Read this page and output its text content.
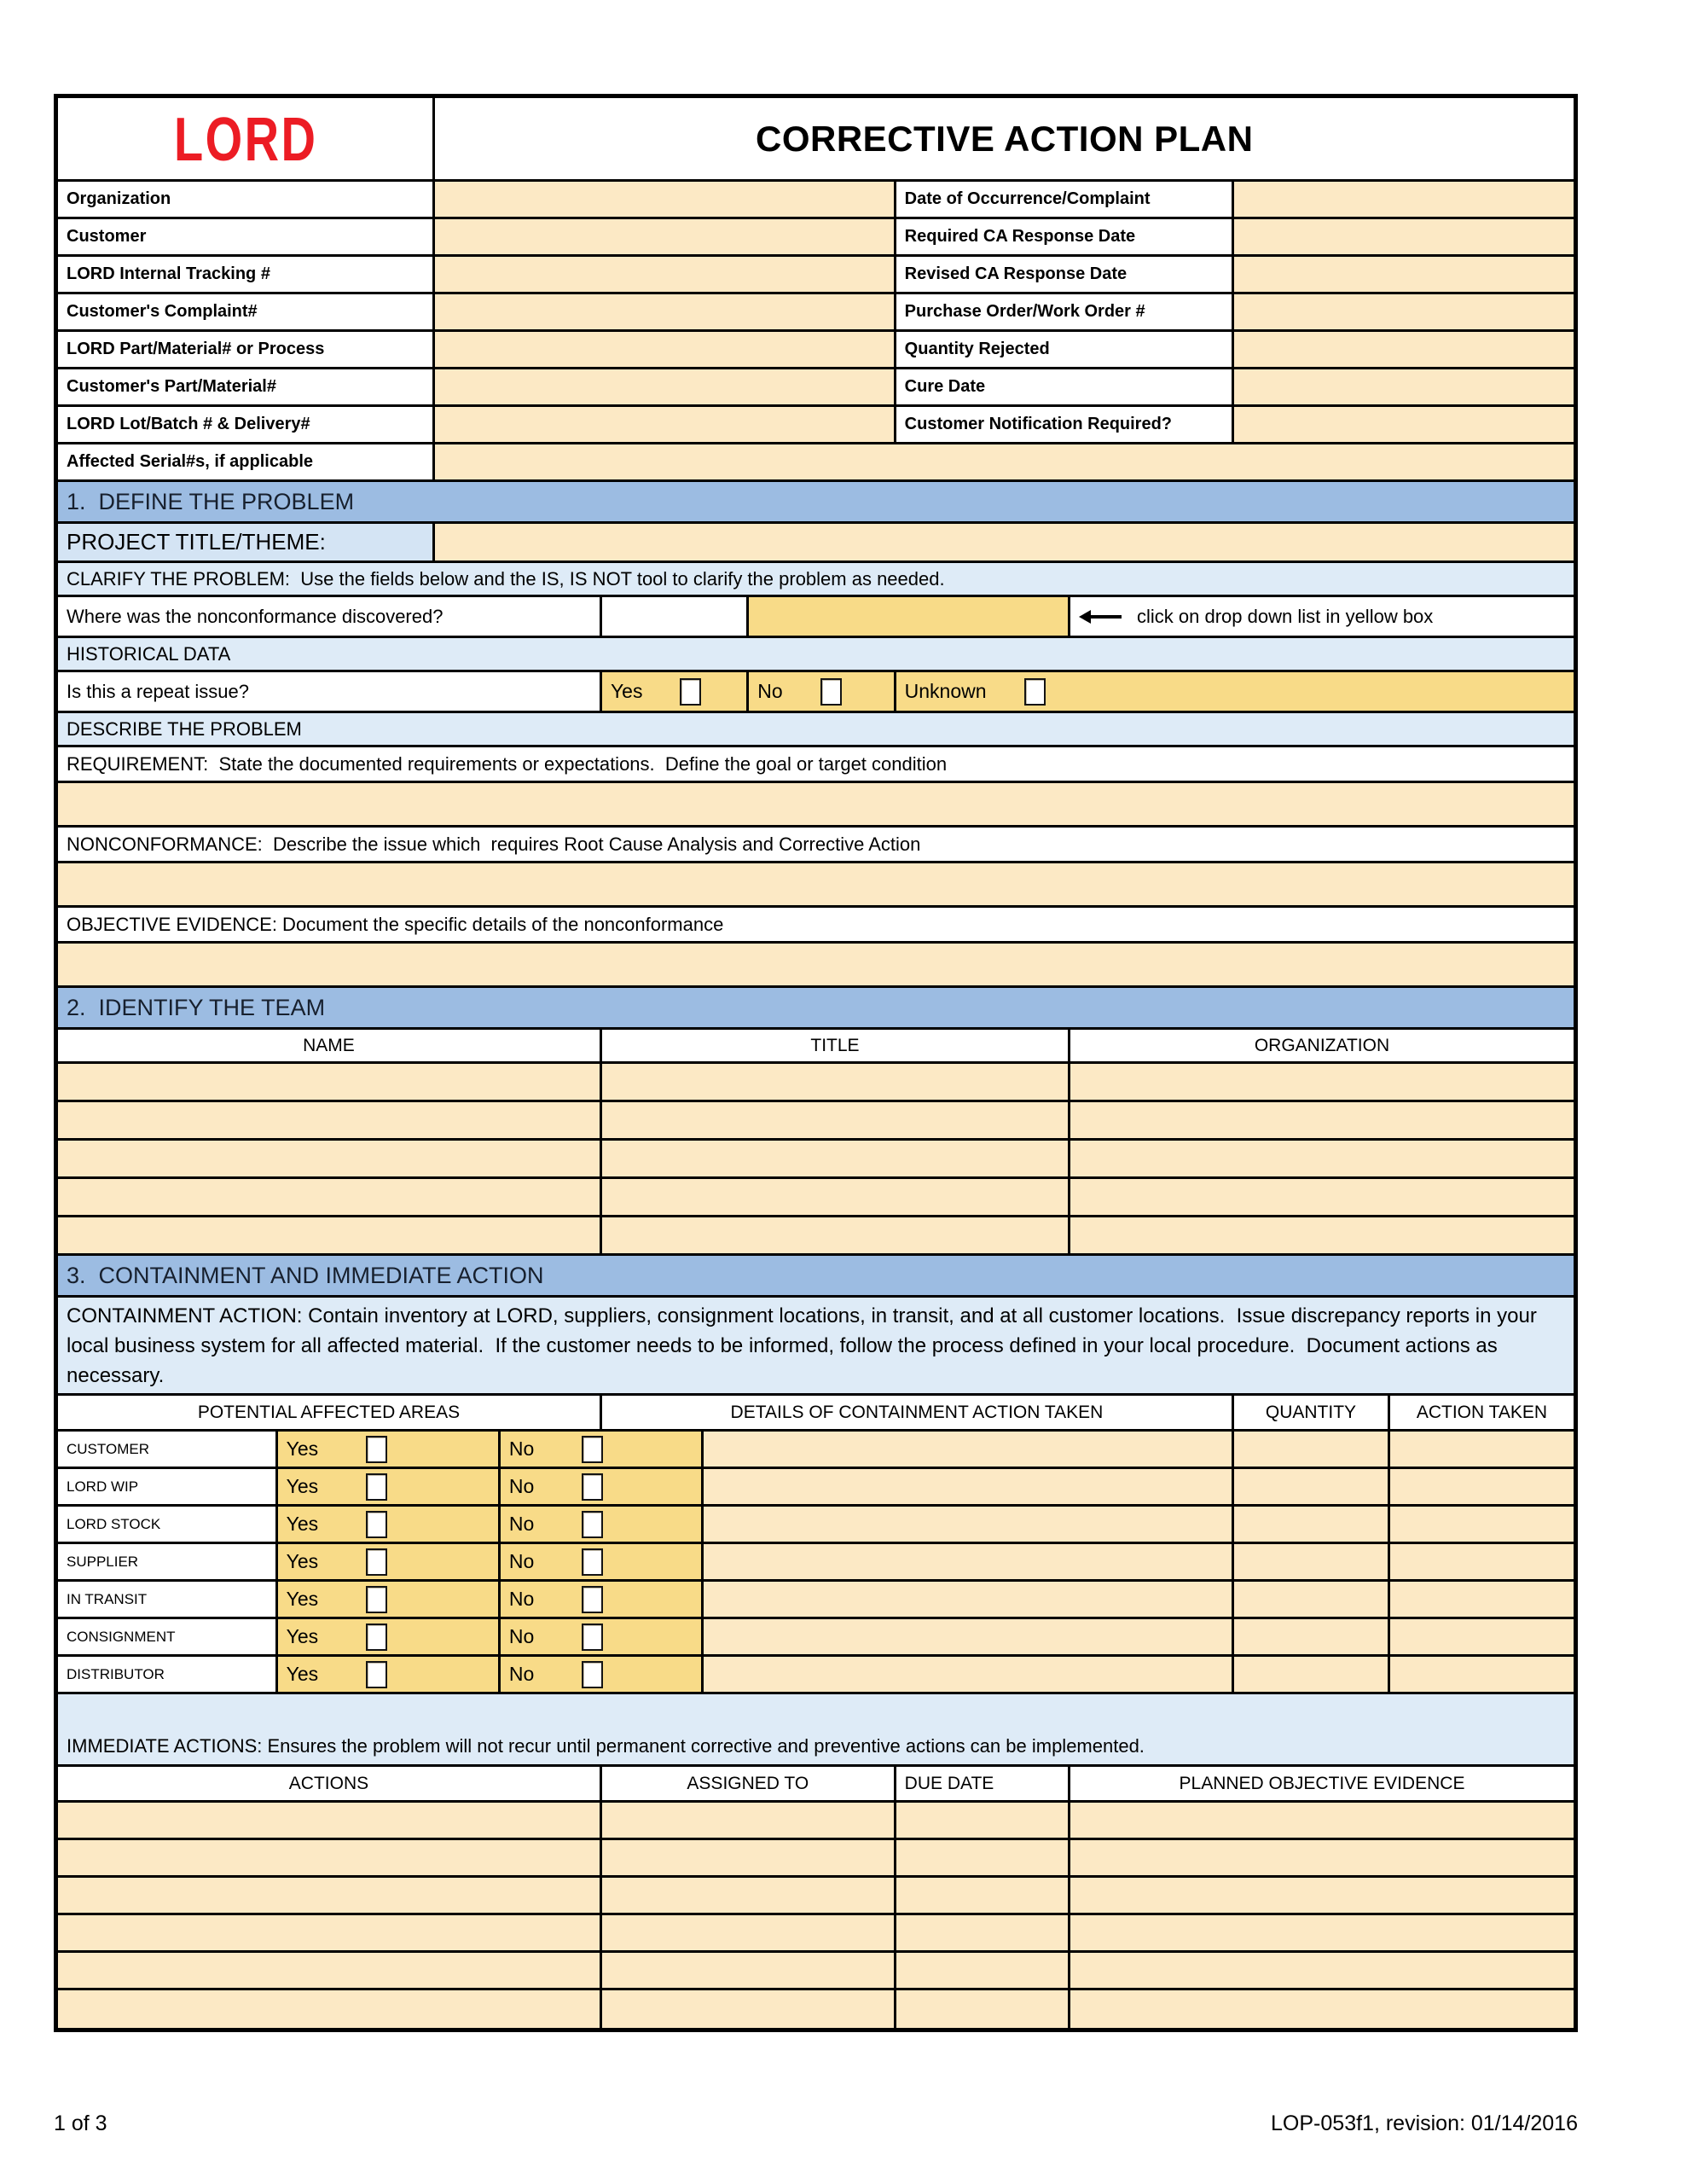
LORD	CORRECTIVE ACTION PLAN
Organization	Date of Occurrence/Complaint
Customer	Required CA Response Date
LORD Internal Tracking #	Revised CA Response Date
Customer's Complaint#	Purchase Order/Work Order #
LORD Part/Material# or Process	Quantity Rejected
Customer's Part/Material#	Cure Date
LORD Lot/Batch # & Delivery#	Customer Notification Required?
Affected Serial#s, if applicable
1.  DEFINE THE PROBLEM
PROJECT TITLE/THEME:
CLARIFY THE PROBLEM:  Use the fields below and the IS, IS NOT tool to clarify the problem as needed.
Where was the nonconformance discovered?	click on drop down list in yellow box
HISTORICAL DATA
Is this a repeat issue?	Yes	No	Unknown
DESCRIBE THE PROBLEM
REQUIREMENT:  State the documented requirements or expectations.  Define the goal or target condition
NONCONFORMANCE:  Describe the issue which  requires Root Cause Analysis and Corrective Action
OBJECTIVE EVIDENCE: Document the specific details of the nonconformance
2.  IDENTIFY THE TEAM
NAME	TITLE	ORGANIZATION
3.  CONTAINMENT AND IMMEDIATE ACTION
CONTAINMENT ACTION: Contain inventory at LORD, suppliers, consignment locations, in transit, and at all customer locations.  Issue discrepancy reports in your local business system for all affected material.  If the customer needs to be informed, follow the process defined in your local procedure.  Document actions as necessary.
POTENTIAL AFFECTED AREAS	DETAILS OF CONTAINMENT ACTION TAKEN	QUANTITY	ACTION TAKEN
CUSTOMER	Yes	No
LORD WIP	Yes	No
LORD STOCK	Yes	No
SUPPLIER	Yes	No
IN TRANSIT	Yes	No
CONSIGNMENT	Yes	No
DISTRIBUTOR	Yes	No
IMMEDIATE ACTIONS: Ensures the problem will not recur until permanent corrective and preventive actions can be implemented.
ACTIONS	ASSIGNED TO	DUE DATE	PLANNED OBJECTIVE EVIDENCE
1 of 3	LOP-053f1, revision: 01/14/2016
